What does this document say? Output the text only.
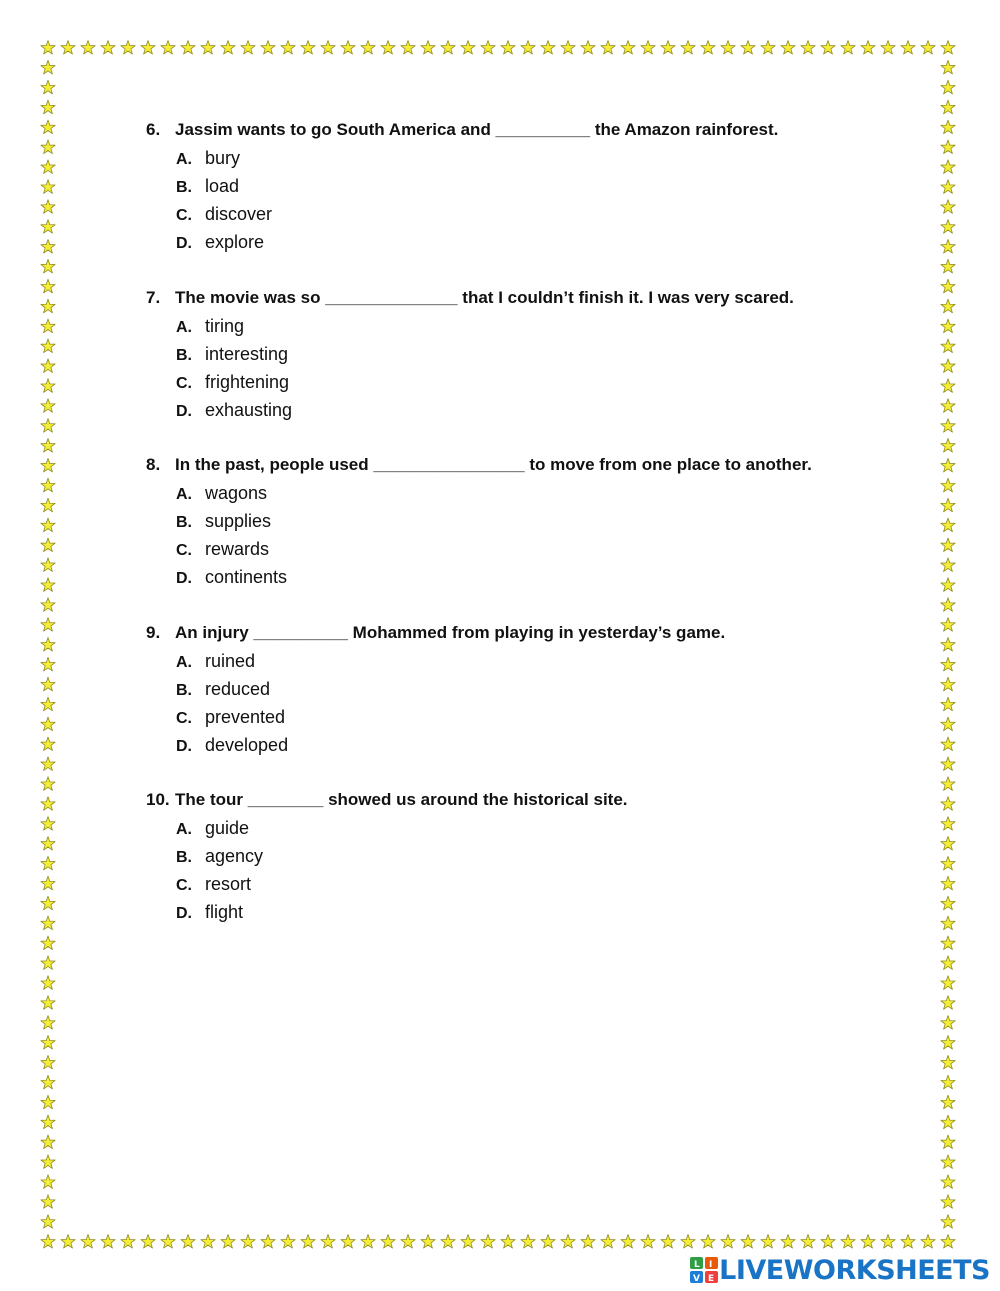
6. Jassim wants to go South America and __________ the Amazon rainforest.
A. bury
B. load
C. discover
D. explore
7. The movie was so ______________ that I couldn’t finish it. I was very scared.
A. tiring
B. interesting
C. frightening
D. exhausting
8. In the past, people used ________________ to move from one place to another.
A. wagons
B. supplies
C. rewards
D. continents
9. An injury __________ Mohammed from playing in yesterday’s game.
A. ruined
B. reduced
C. prevented
D. developed
10. The tour ________ showed us around the historical site.
A. guide
B. agency
C. resort
D. flight
L I
V E LIVEWORKSHEETS
